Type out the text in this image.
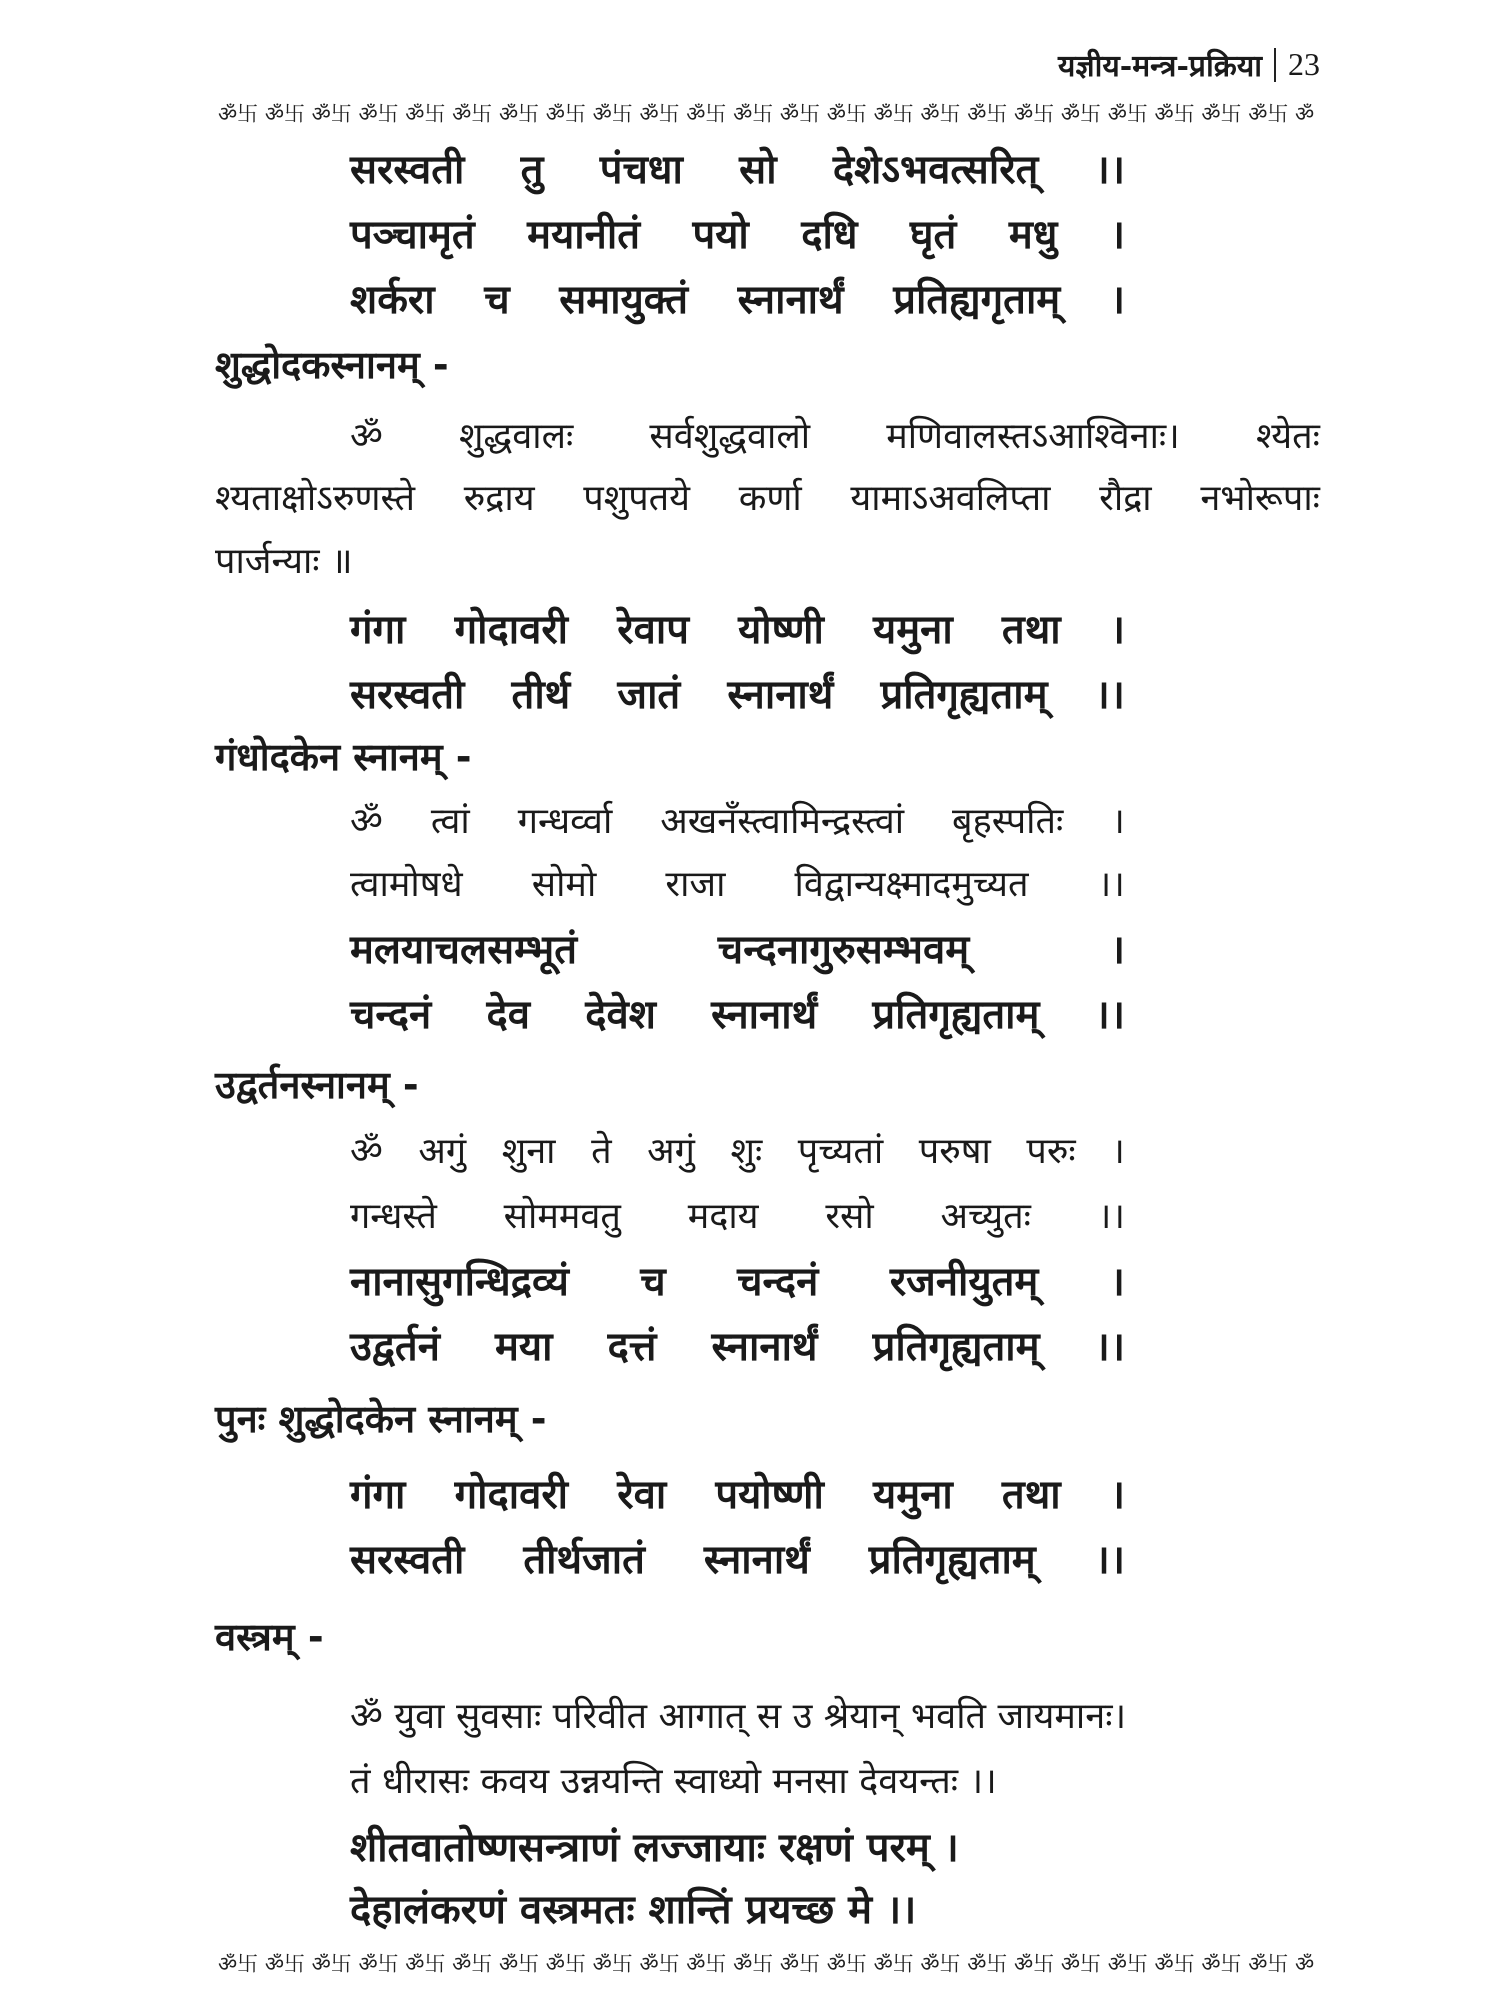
यज्ञीय-मन्त्र-प्रक्रिया 23
ॐ卐 ॐ卐 ॐ卐 ॐ卐 ॐ卐 ॐ卐 ॐ卐 ॐ卐 ॐ卐 ॐ卐 ॐ卐 ॐ卐 ॐ卐 ॐ卐 ॐ卐 ॐ卐 ॐ卐 ॐ卐 ॐ卐 ॐ卐 ॐ卐 ॐ卐 ॐ卐 ॐ
सरस्वती तु पंचधा सो देशेऽभवत्सरित् ।।
पञ्चामृतं मयानीतं पयो दधि घृतं मधु ।
शर्करा च समायुक्तं स्नानार्थं प्रतिह्यगृताम् ।
शुद्धोदकस्नानम् -
ॐ शुद्धवालः सर्वशुद्धवालो मणिवालस्तऽआश्विनाः। श्येतः
श्यताक्षोऽरुणस्ते रुद्राय पशुपतये कर्णा यामाऽअवलिप्ता रौद्रा नभोरूपाः
पार्जन्याः ॥
गंगा गोदावरी रेवाप योष्णी यमुना तथा ।
सरस्वती तीर्थ जातं स्नानार्थं प्रतिगृह्यताम् ।।
गंधोदकेन स्नानम् -
ॐ त्वां गन्धर्व्वा अखनँस्त्वामिन्द्रस्त्वां बृहस्पतिः ।
त्वामोषधे सोमो राजा विद्वान्यक्ष्मादमुच्यत ।।
मलयाचलसम्भूतं	चन्दनागुरुसम्भवम्	।
चन्दनं देव देवेश स्नानार्थं प्रतिगृह्यताम् ।।
उद्वर्तनस्नानम् -
ॐ अगुं शुना ते अगुं शुः पृच्यतां परुषा परुः ।
गन्धस्ते सोममवतु मदाय रसो अच्युतः ।।
नानासुगन्धिद्रव्यं च चन्दनं रजनीयुतम् ।
उद्वर्तनं मया दत्तं स्नानार्थं प्रतिगृह्यताम् ।।
पुनः शुद्धोदकेन स्नानम् -
गंगा गोदावरी रेवा पयोष्णी यमुना तथा ।
सरस्वती तीर्थजातं स्नानार्थं प्रतिगृह्यताम् ।।
वस्त्रम् -
ॐ युवा सुवसाः परिवीत आगात् स उ श्रेयान् भवति जायमानः।
तं धीरासः कवय उन्नयन्ति स्वाध्यो मनसा देवयन्तः ।।
शीतवातोष्णसन्त्राणं लज्जायाः रक्षणं परम् ।
देहालंकरणं वस्त्रमतः शान्तिं प्रयच्छ मे ।।
ॐ卐 ॐ卐 ॐ卐 ॐ卐 ॐ卐 ॐ卐 ॐ卐 ॐ卐 ॐ卐 ॐ卐 ॐ卐 ॐ卐 ॐ卐 ॐ卐 ॐ卐 ॐ卐 ॐ卐 ॐ卐 ॐ卐 ॐ卐 ॐ卐 ॐ卐 ॐ卐 ॐ
